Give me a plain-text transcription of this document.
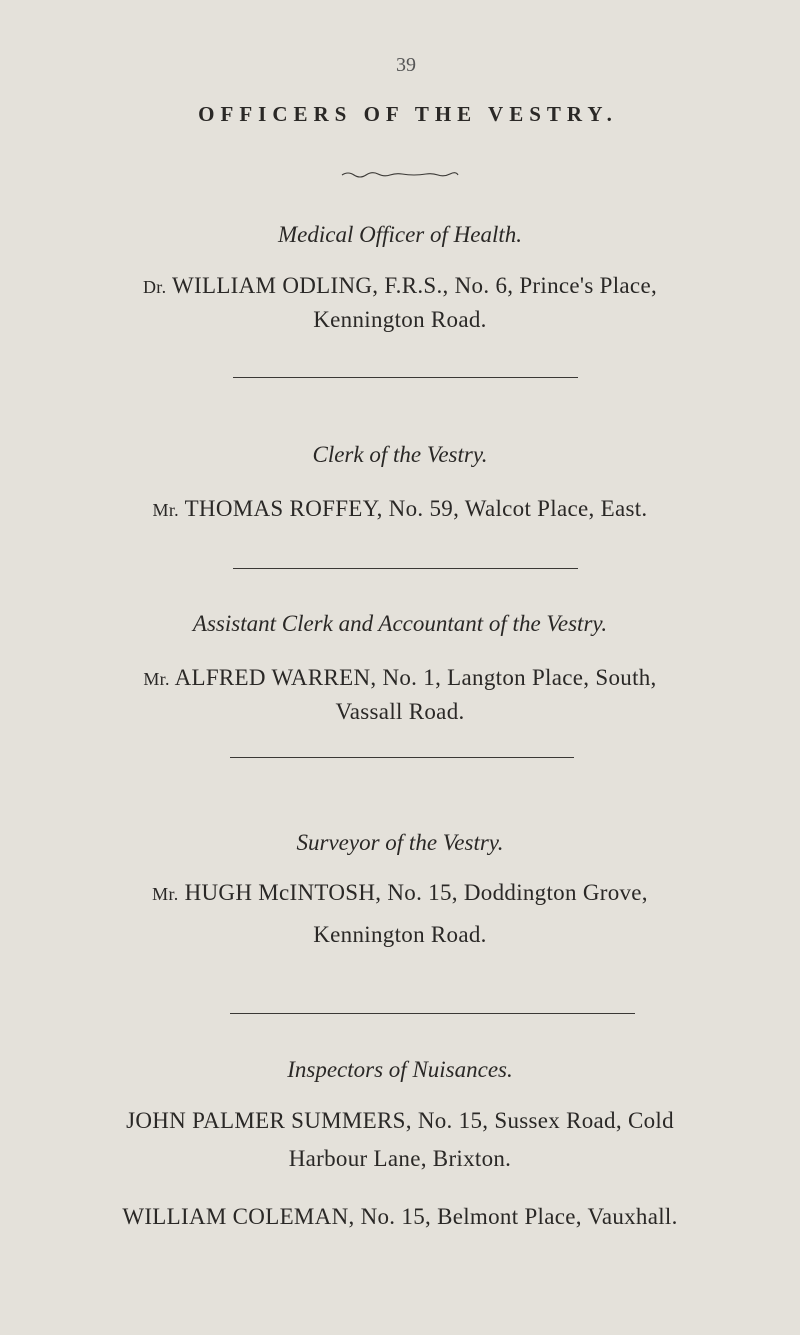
39
OFFICERS OF THE VESTRY.
Medical Officer of Health.
Dr. WILLIAM ODLING, F.R.S., No. 6, Prince's Place,
Kennington Road.
Clerk of the Vestry.
Mr. THOMAS ROFFEY, No. 59, Walcot Place, East.
Assistant Clerk and Accountant of the Vestry.
Mr. ALFRED WARREN, No. 1, Langton Place, South,
Vassall Road.
Surveyor of the Vestry.
Mr. HUGH McINTOSH, No. 15, Doddington Grove,
Kennington Road.
Inspectors of Nuisances.
JOHN PALMER SUMMERS, No. 15, Sussex Road, Cold
Harbour Lane, Brixton.
WILLIAM COLEMAN, No. 15, Belmont Place, Vauxhall.
